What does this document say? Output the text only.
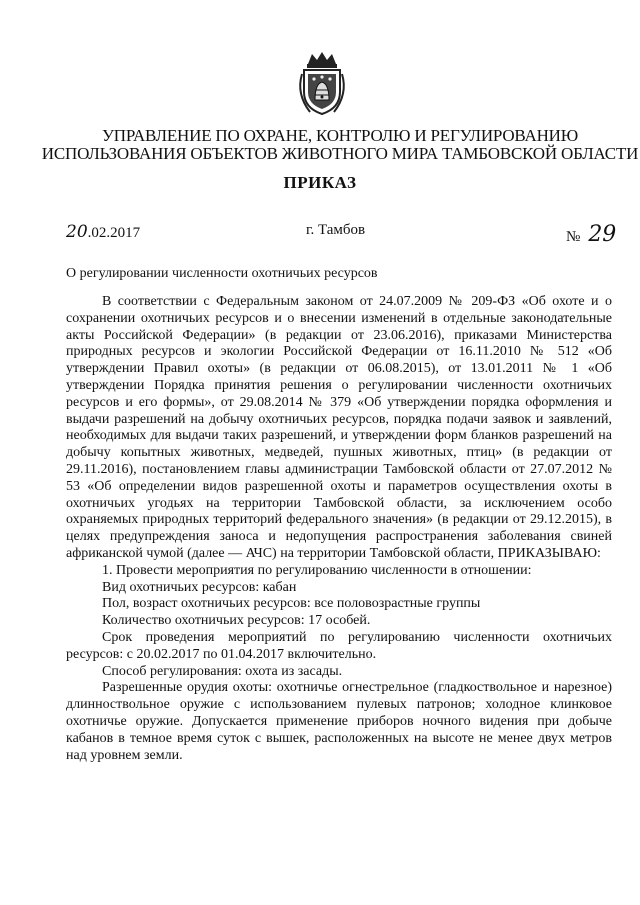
УПРАВЛЕНИЕ ПО ОХРАНЕ, КОНТРОЛЮ И РЕГУЛИРОВАНИЮ
ИСПОЛЬЗОВАНИЯ ОБЪЕКТОВ ЖИВОТНОГО МИРА ТАМБОВСКОЙ ОБЛАСТИ
ПРИКАЗ
20.02.2017	г. Тамбов	№ 29
О регулировании численности охотничьих ресурсов

В соответствии с Федеральным законом от 24.07.2009 № 209-ФЗ «Об охоте и о сохранении охотничьих ресурсов и о внесении изменений в отдельные законодательные акты Российской Федерации» (в редакции от 23.06.2016), приказами Министерства природных ресурсов и экологии Российской Федерации от 16.11.2010 № 512 «Об утверждении Правил охоты» (в редакции от 06.08.2015), от 13.01.2011 № 1 «Об утверждении Порядка принятия решения о регулировании численности охотничьих ресурсов и его формы», от 29.08.2014 № 379 «Об утверждении порядка оформления и выдачи разрешений на добычу охотничьих ресурсов, порядка подачи заявок и заявлений, необходимых для выдачи таких разрешений, и утверждении форм бланков разрешений на добычу копытных животных, медведей, пушных животных, птиц» (в редакции от 29.11.2016), постановлением главы администрации Тамбовской области от 27.07.2012 № 53 «Об определении видов разрешенной охоты и параметров осуществления охоты в охотничьих угодьях на территории Тамбовской области, за исключением особо охраняемых природных территорий федерального значения» (в редакции от 29.12.2015), в целях предупреждения заноса и недопущения распространения заболевания свиней африканской чумой (далее — АЧС) на территории Тамбовской области, ПРИКАЗЫВАЮ:

1. Провести мероприятия по регулированию численности в отношении:

Вид охотничьих ресурсов: кабан

Пол, возраст охотничьих ресурсов: все половозрастные группы

Количество охотничьих ресурсов: 17 особей.

Срок проведения мероприятий по регулированию численности охотничьих ресурсов: с 20.02.2017 по 01.04.2017 включительно.

Способ регулирования: охота из засады.

Разрешенные орудия охоты: охотничье огнестрельное (гладкоствольное и нарезное) длинноствольное оружие с использованием пулевых патронов; холодное клинковое охотничье оружие. Допускается применение приборов ночного видения при добыче кабанов в темное время суток с вышек, расположенных на высоте не менее двух метров над уровнем земли.
